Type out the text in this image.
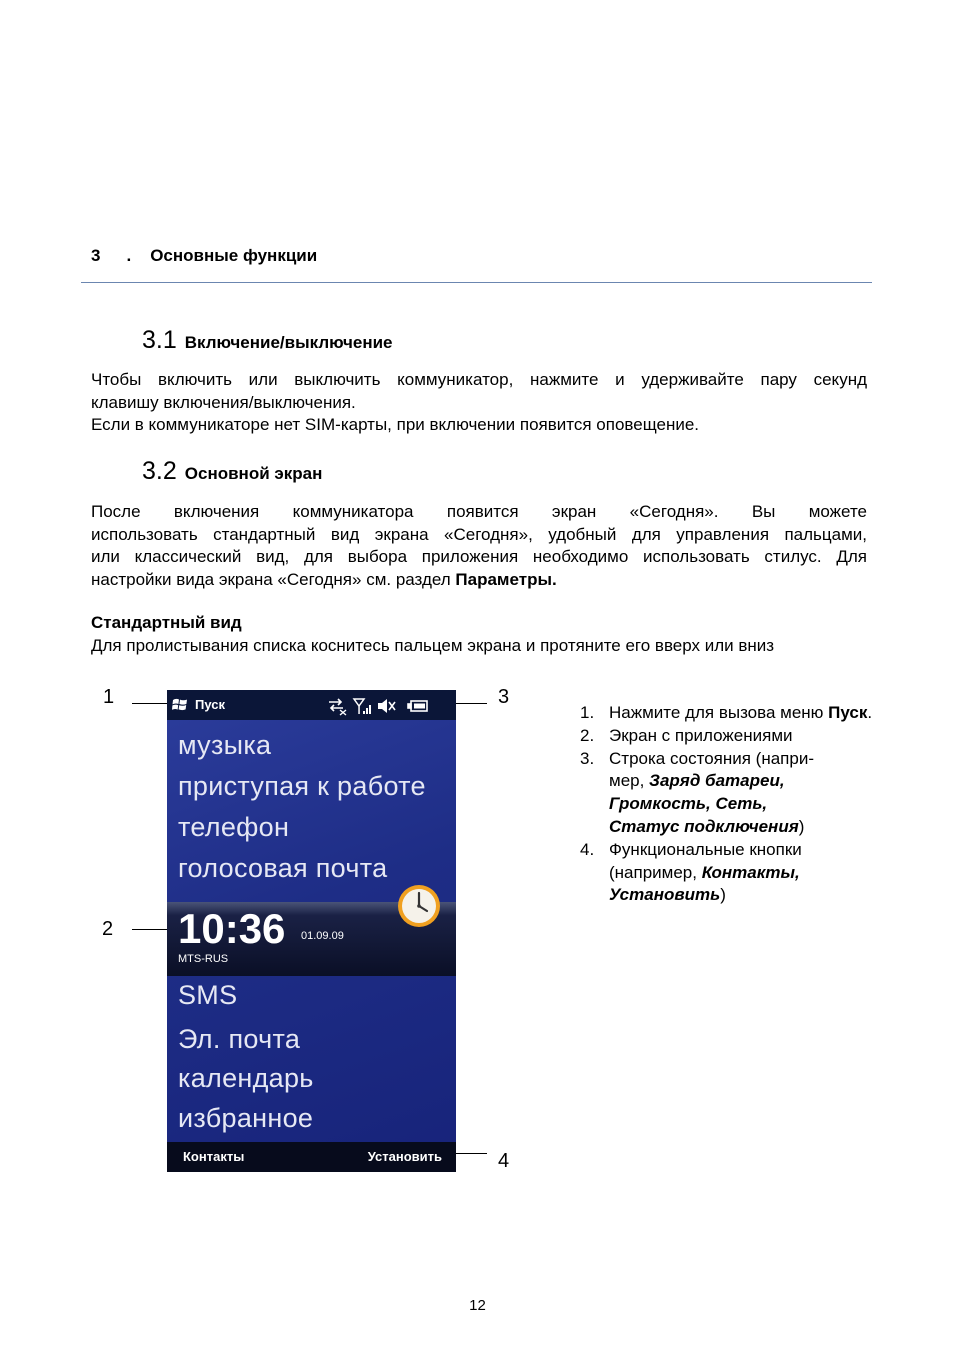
3 . Основные функции
3.1 Включение/выключение

Чтобы включить или выключить коммуникатор, нажмите и удерживайте пару секунд

клавишу включения/выключения.

Если в коммуникаторе нет SIM-карты, при включении появится оповещение.

3.2 Основной экран

После включения коммуникатора появится экран «Сегодня». Вы можете

использовать стандартный вид экрана «Сегодня», удобный для управления пальцами,

или классический вид, для выбора приложения необходимо использовать стилус. Для

настройки вида экрана «Сегодня» см. раздел Параметры.

Стандартный вид
Для пролистывания списка коснитесь пальцем экрана и протяните его вверх или вниз
1
2
3
4
Пуск
музыка
приступая к работе
телефон
голосовая почта
10:36 01.09.09
MTS-RUS
SMS
Эл. почта
календарь
избранное
Контакты	Установить
1. Нажмите для вызова меню Пуск.
2. Экран с приложениями
3. Строка состояния (напри-
мер, Заряд батареи,
Громкость, Сеть,
Статус подключения)
4. Функциональные кнопки
(например, Контакты,
Установить)
12
